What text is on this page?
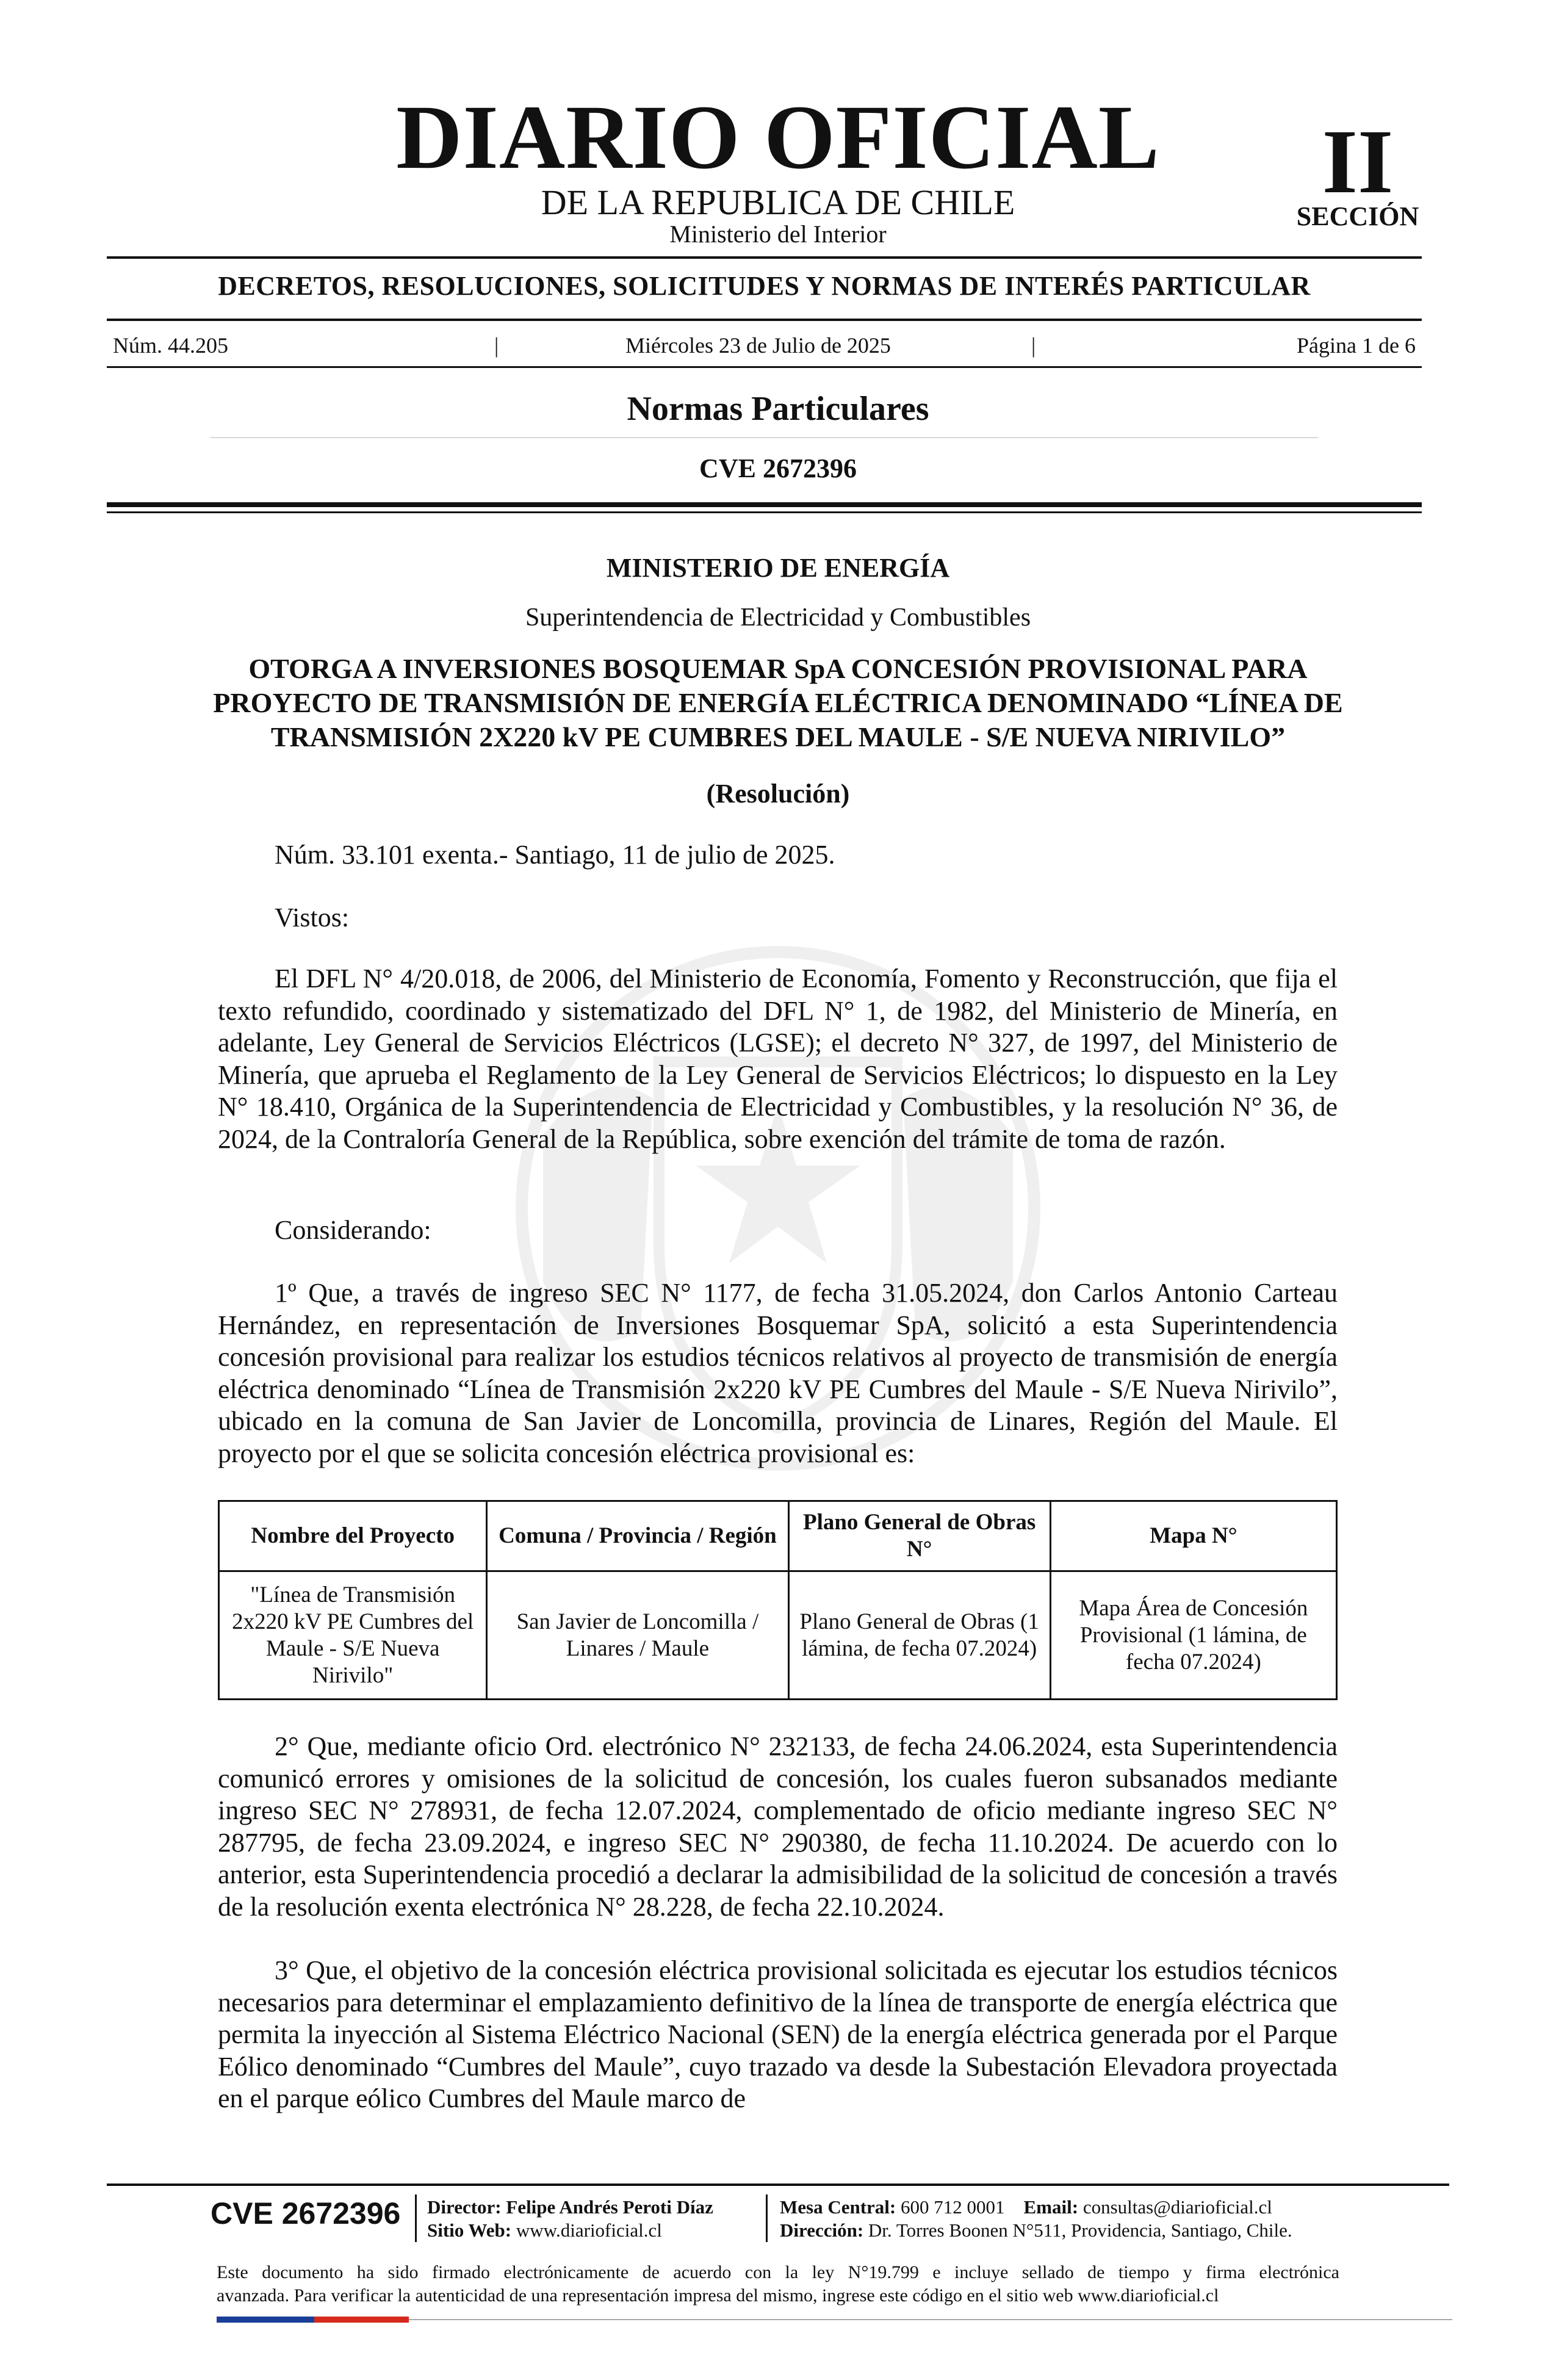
DIARIO OFICIAL
DE LA REPUBLICA DE CHILE
Ministerio del Interior
II
SECCIÓN
DECRETOS, RESOLUCIONES, SOLICITUDES Y NORMAS DE INTERÉS PARTICULAR
Núm. 44.205	|	Miércoles 23 de Julio de 2025	|	Página 1 de 6
Normas Particulares
CVE 2672396
MINISTERIO DE ENERGÍA
Superintendencia de Electricidad y Combustibles
OTORGA A INVERSIONES BOSQUEMAR SpA CONCESIÓN PROVISIONAL PARA PROYECTO DE TRANSMISIÓN DE ENERGÍA ELÉCTRICA DENOMINADO “LÍNEA DE TRANSMISIÓN 2X220 kV PE CUMBRES DEL MAULE - S/E NUEVA NIRIVILO”
(Resolución)
Núm. 33.101 exenta.- Santiago, 11 de julio de 2025.
Vistos:
El DFL N° 4/20.018, de 2006, del Ministerio de Economía, Fomento y Reconstrucción, que fija el texto refundido, coordinado y sistematizado del DFL N° 1, de 1982, del Ministerio de Minería, en adelante, Ley General de Servicios Eléctricos (LGSE); el decreto N° 327, de 1997, del Ministerio de Minería, que aprueba el Reglamento de la Ley General de Servicios Eléctricos; lo dispuesto en la Ley N° 18.410, Orgánica de la Superintendencia de Electricidad y Combustibles, y la resolución N° 36, de 2024, de la Contraloría General de la República, sobre exención del trámite de toma de razón.
Considerando:
1º Que, a través de ingreso SEC N° 1177, de fecha 31.05.2024, don Carlos Antonio Carteau Hernández, en representación de Inversiones Bosquemar SpA, solicitó a esta Superintendencia concesión provisional para realizar los estudios técnicos relativos al proyecto de transmisión de energía eléctrica denominado “Línea de Transmisión 2x220 kV PE Cumbres del Maule - S/E Nueva Nirivilo”, ubicado en la comuna de San Javier de Loncomilla, provincia de Linares, Región del Maule. El proyecto por el que se solicita concesión eléctrica provisional es:
Nombre del Proyecto	Comuna / Provincia / Región	Plano General de Obras N°	Mapa N°
"Línea de Transmisión 2x220 kV PE Cumbres del Maule - S/E Nueva Nirivilo"	San Javier de Loncomilla / Linares / Maule	Plano General de Obras (1 lámina, de fecha 07.2024)	Mapa Área de Concesión Provisional (1 lámina, de fecha 07.2024)
2° Que, mediante oficio Ord. electrónico N° 232133, de fecha 24.06.2024, esta Superintendencia comunicó errores y omisiones de la solicitud de concesión, los cuales fueron subsanados mediante ingreso SEC N° 278931, de fecha 12.07.2024, complementado de oficio mediante ingreso SEC N° 287795, de fecha 23.09.2024, e ingreso SEC N° 290380, de fecha 11.10.2024. De acuerdo con lo anterior, esta Superintendencia procedió a declarar la admisibilidad de la solicitud de concesión a través de la resolución exenta electrónica N° 28.228, de fecha 22.10.2024.
3° Que, el objetivo de la concesión eléctrica provisional solicitada es ejecutar los estudios técnicos necesarios para determinar el emplazamiento definitivo de la línea de transporte de energía eléctrica que permita la inyección al Sistema Eléctrico Nacional (SEN) de la energía eléctrica generada por el Parque Eólico denominado “Cumbres del Maule”, cuyo trazado va desde la Subestación Elevadora proyectada en el parque eólico Cumbres del Maule marco de
CVE 2672396 Director: Felipe Andrés Peroti Díaz
Sitio Web: www.diarioficial.cl
Mesa Central: 600 712 0001 Email: consultas@diarioficial.cl
Dirección: Dr. Torres Boonen N°511, Providencia, Santiago, Chile.
Este documento ha sido firmado electrónicamente de acuerdo con la ley N°19.799 e incluye sellado de tiempo y firma electrónica
avanzada. Para verificar la autenticidad de una representación impresa del mismo, ingrese este código en el sitio web www.diarioficial.cl
